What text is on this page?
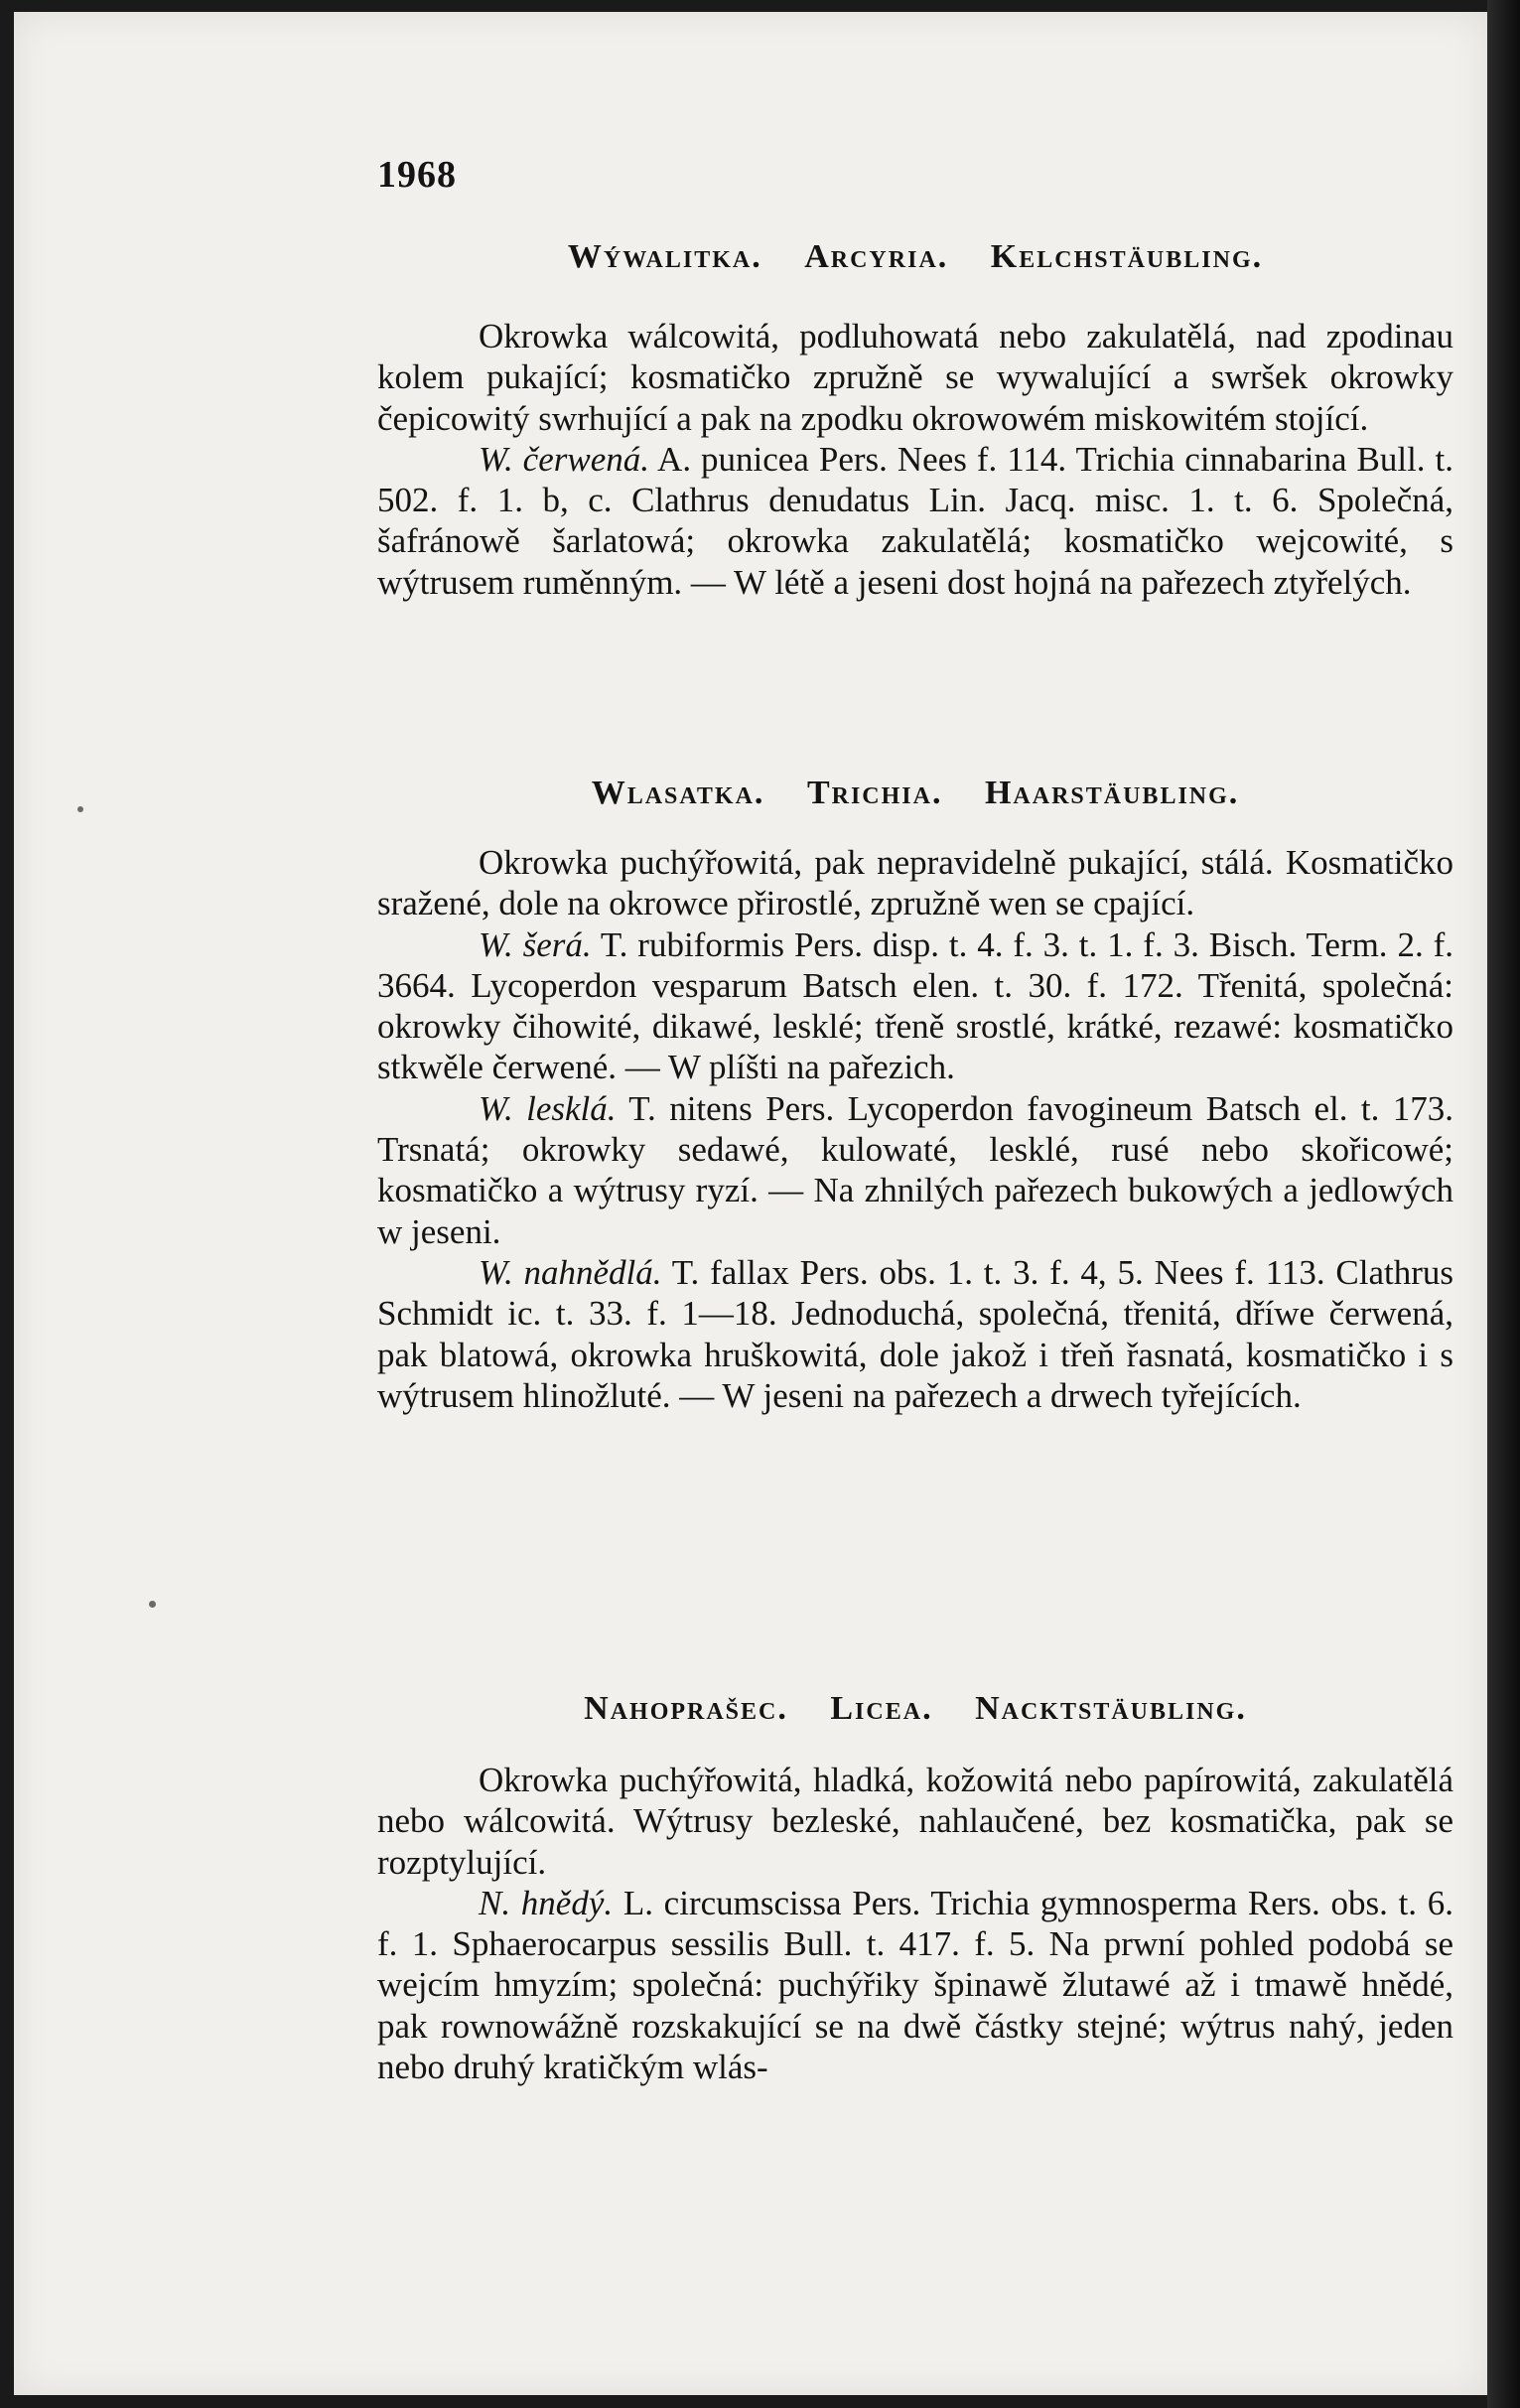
1968
Wýwalitka. Arcyria. Kelchstäubling.

Okrowka wálcowitá, podluhowatá nebo zakulatělá, nad zpodinau kolem pukající; kosmatičko zpružně se wywalující a swršek okrowky čepicowitý swrhující a pak na zpodku okrowowém miskowitém stojící.

W. čerwená. A. punicea Pers. Nees f. 114. Trichia cinnabarina Bull. t. 502. f. 1. b, c. Clathrus denudatus Lin. Jacq. misc. 1. t. 6. Společná, šafránowě šarlatowá; okrowka zakulatělá; kosmatičko wejcowité, s wýtrusem ruměnným. — W létě a jeseni dost hojná na pařezech ztyřelých.

Wlasatka. Trichia. Haarstäubling.

Okrowka puchýřowitá, pak nepravidelně pukající, stálá. Kosmatičko sražené, dole na okrowce přirostlé, zpružně wen se cpající.

W. šerá. T. rubiformis Pers. disp. t. 4. f. 3. t. 1. f. 3. Bisch. Term. 2. f. 3664. Lycoperdon vesparum Batsch elen. t. 30. f. 172. Třenitá, společná: okrowky čihowité, dikawé, lesklé; třeně srostlé, krátké, rezawé: kosmatičko stkwěle čerwené. — W plíšti na pařezich.

W. lesklá. T. nitens Pers. Lycoperdon favogineum Batsch el. t. 173. Trsnatá; okrowky sedawé, kulowaté, lesklé, rusé nebo skořicowé; kosmatičko a wýtrusy ryzí. — Na zhnilých pařezech bukowých a jedlowých w jeseni.

W. nahnědlá. T. fallax Pers. obs. 1. t. 3. f. 4, 5. Nees f. 113. Clathrus Schmidt ic. t. 33. f. 1—18. Jednoduchá, společná, třenitá, dříwe čerwená, pak blatowá, okrowka hruškowitá, dole jakož i třeň řasnatá, kosmatičko i s wýtrusem hlinožluté. — W jeseni na pařezech a drwech tyřejících.

Nahoprašec. Licea. Nacktstäubling.

Okrowka puchýřowitá, hladká, kožowitá nebo papírowitá, zakulatělá nebo wálcowitá. Wýtrusy bezleské, nahlaučené, bez kosmatička, pak se rozptylující.

N. hnědý. L. circumscissa Pers. Trichia gymnosperma Rers. obs. t. 6. f. 1. Sphaerocarpus sessilis Bull. t. 417. f. 5. Na prwní pohled podobá se wejcím hmyzím; společná: puchýřiky špinawě žlutawé až i tmawě hnědé, pak rownowážně rozskakující se na dwě částky stejné; wýtrus nahý, jeden nebo druhý kratičkým wlás-
